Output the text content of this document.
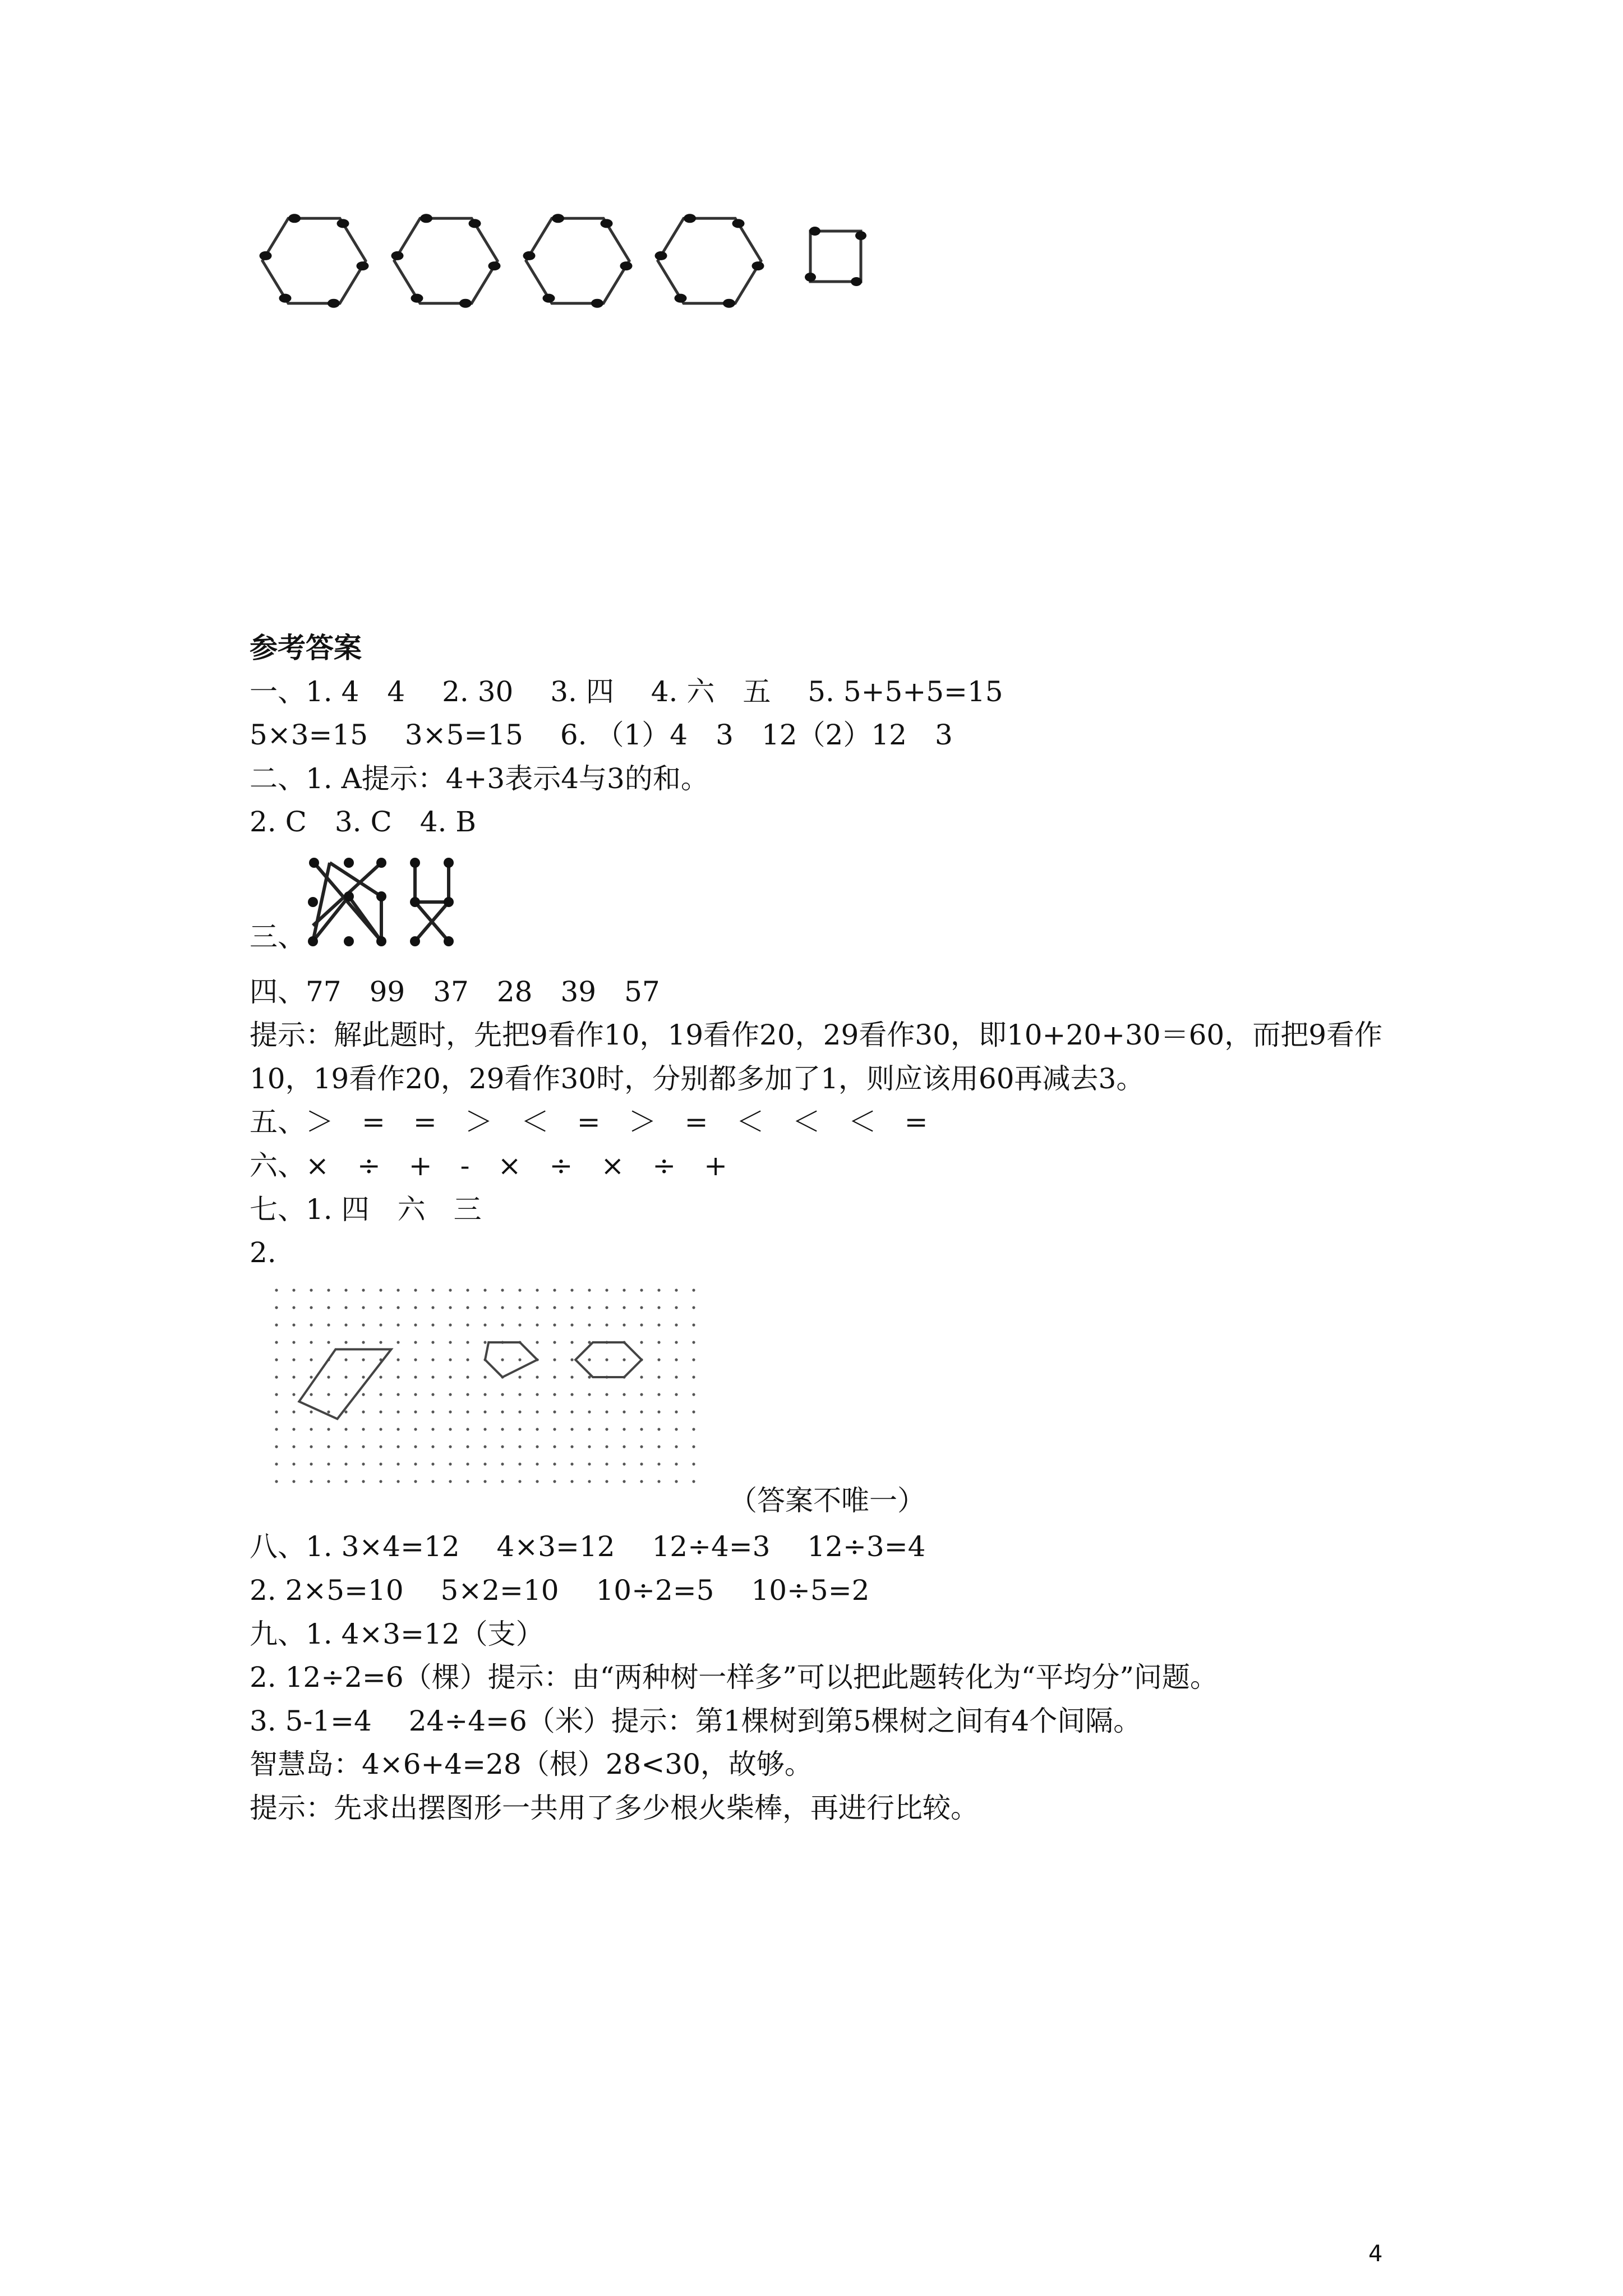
参考答案
一、1. 4　4　 2. 30　 3. 四　 4. 六　五　 5. 5+5+5=15
5×3=15　 3×5=15　 6. （1）4　3　12（2）12　3
二、1. A提示：4+3表示4与3的和。
2. C　3. C　4. B
三、
四、77　99　37　28　39　57
提示：解此题时，先把9看作10，19看作20，29看作30，即10+20+30＝60，而把9看作
10，19看作20，29看作30时，分别都多加了1，则应该用60再减去3。
五、＞　=　=　＞　＜　=　＞　=　＜　＜　＜　=
六、×　÷　+　-　×　÷　×　÷　+
七、1. 四　六　三
2.
（答案不唯一）
八、1. 3×4=12　 4×3=12　 12÷4=3　 12÷3=4
2. 2×5=10　 5×2=10　 10÷2=5　 10÷5=2
九、1. 4×3=12（支）
2. 12÷2=6（棵）提示：由“两种树一样多”可以把此题转化为“平均分”问题。
3. 5-1=4　 24÷4=6（米）提示：第1棵树到第5棵树之间有4个间隔。
智慧岛：4×6+4=28（根）28<30，故够。
提示：先求出摆图形一共用了多少根火柴棒，再进行比较。
4
